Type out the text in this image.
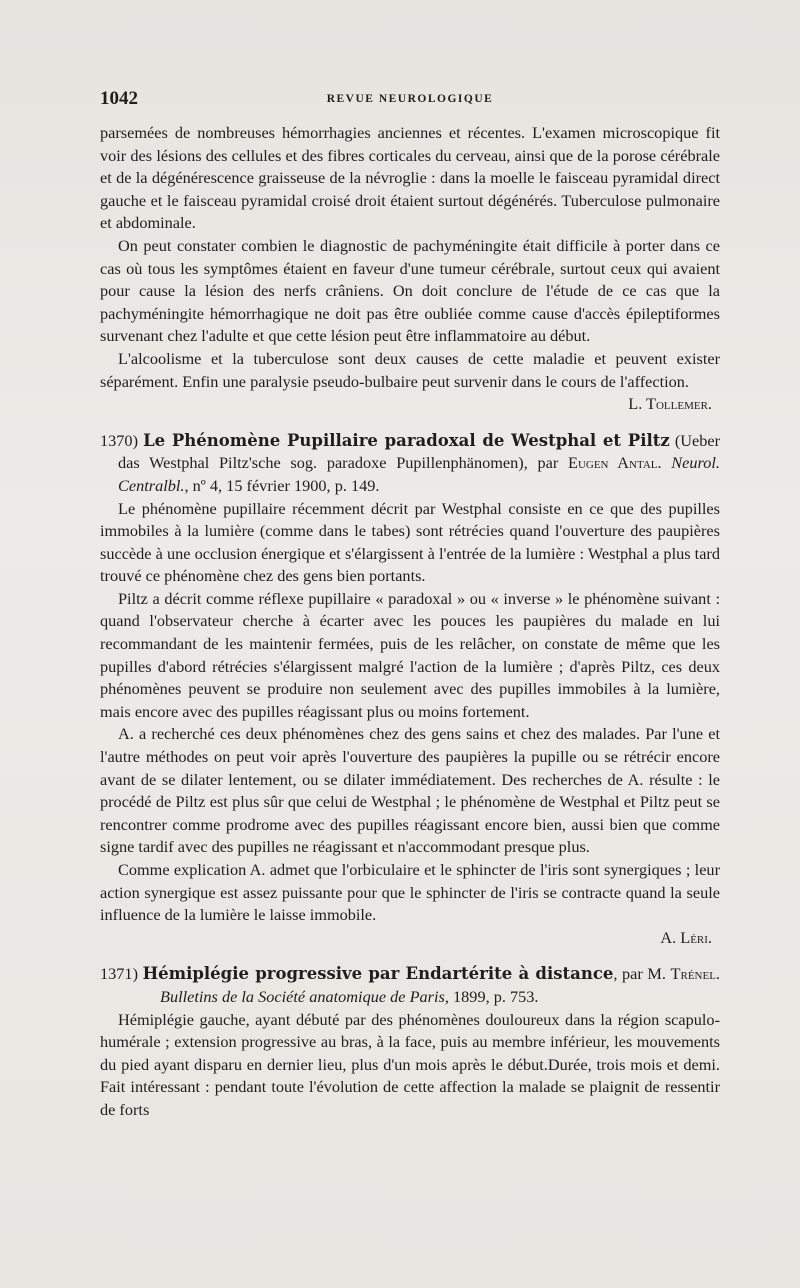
1042	REVUE NEUROLOGIQUE

parsemées de nombreuses hémorrhagies anciennes et récentes. L'examen microscopique fit voir des lésions des cellules et des fibres corticales du cerveau, ainsi que de la porose cérébrale et de la dégénérescence graisseuse de la névroglie : dans la moelle le faisceau pyramidal direct gauche et le faisceau pyramidal croisé droit étaient surtout dégénérés. Tuberculose pulmonaire et abdominale.

On peut constater combien le diagnostic de pachyméningite était difficile à porter dans ce cas où tous les symptômes étaient en faveur d'une tumeur cérébrale, surtout ceux qui avaient pour cause la lésion des nerfs crâniens. On doit conclure de l'étude de ce cas que la pachyméningite hémorrhagique ne doit pas être oubliée comme cause d'accès épileptiformes survenant chez l'adulte et que cette lésion peut être inflammatoire au début.

L'alcoolisme et la tuberculose sont deux causes de cette maladie et peuvent exister séparément. Enfin une paralysie pseudo-bulbaire peut survenir dans le cours de l'affection.

L. Tollemer.

1370) Le Phénomène Pupillaire paradoxal de Westphal et Piltz (Ueber das Westphal Piltz'sche sog. paradoxe Pupillenphänomen), par Eugen Antal. Neurol. Centralbl., nº 4, 15 février 1900, p. 149.

Le phénomène pupillaire récemment décrit par Westphal consiste en ce que des pupilles immobiles à la lumière (comme dans le tabes) sont rétrécies quand l'ouverture des paupières succède à une occlusion énergique et s'élargissent à l'entrée de la lumière : Westphal a plus tard trouvé ce phénomène chez des gens bien portants.

Piltz a décrit comme réflexe pupillaire « paradoxal » ou « inverse » le phénomène suivant : quand l'observateur cherche à écarter avec les pouces les paupières du malade en lui recommandant de les maintenir fermées, puis de les relâcher, on constate de même que les pupilles d'abord rétrécies s'élargissent malgré l'action de la lumière ; d'après Piltz, ces deux phénomènes peuvent se produire non seulement avec des pupilles immobiles à la lumière, mais encore avec des pupilles réagissant plus ou moins fortement.

A. a recherché ces deux phénomènes chez des gens sains et chez des malades. Par l'une et l'autre méthodes on peut voir après l'ouverture des paupières la pupille ou se rétrécir encore avant de se dilater lentement, ou se dilater immédiatement. Des recherches de A. résulte : le procédé de Piltz est plus sûr que celui de Westphal ; le phénomène de Westphal et Piltz peut se rencontrer comme prodrome avec des pupilles réagissant encore bien, aussi bien que comme signe tardif avec des pupilles ne réagissant et n'accommodant presque plus.

Comme explication A. admet que l'orbiculaire et le sphincter de l'iris sont synergiques ; leur action synergique est assez puissante pour que le sphincter de l'iris se contracte quand la seule influence de la lumière le laisse immobile.

A. Léri.

1371) Hémiplégie progressive par Endartérite à distance, par M. Trénel. Bulletins de la Société anatomique de Paris, 1899, p. 753.

Hémiplégie gauche, ayant débuté par des phénomènes douloureux dans la région scapulo-humérale ; extension progressive au bras, à la face, puis au membre inférieur, les mouvements du pied ayant disparu en dernier lieu, plus d'un mois après le début.Durée, trois mois et demi. Fait intéressant : pendant toute l'évolution de cette affection la malade se plaignit de ressentir de forts
